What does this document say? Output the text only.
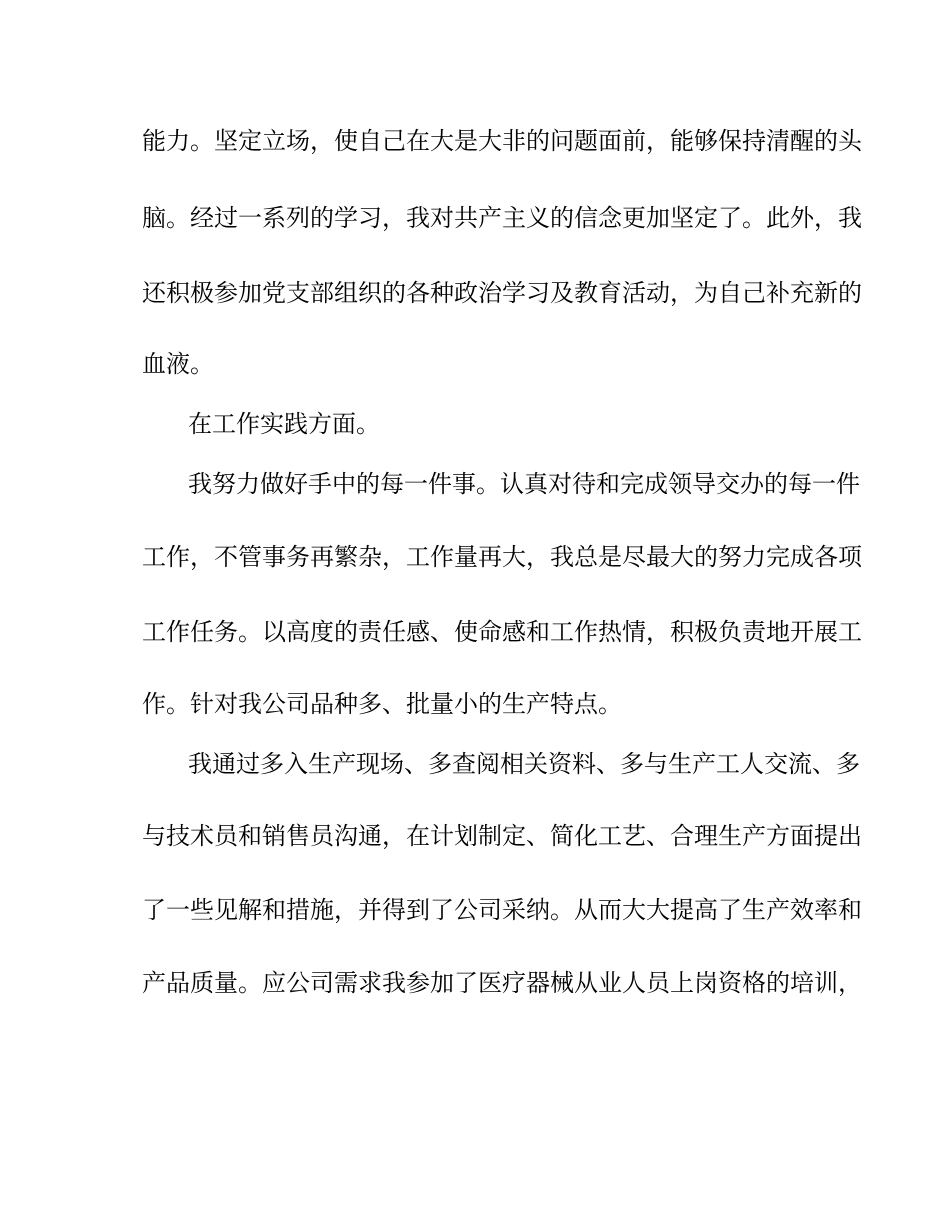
能力。坚定立场，使自己在大是大非的问题面前，能够保持清醒的头

脑。经过一系列的学习，我对共产主义的信念更加坚定了。此外，我

还积极参加党支部组织的各种政治学习及教育活动，为自己补充新的

血液。

在工作实践方面。

我努力做好手中的每一件事。认真对待和完成领导交办的每一件

工作，不管事务再繁杂，工作量再大，我总是尽最大的努力完成各项

工作任务。以高度的责任感、使命感和工作热情，积极负责地开展工

作。针对我公司品种多、批量小的生产特点。

我通过多入生产现场、多查阅相关资料、多与生产工人交流、多

与技术员和销售员沟通，在计划制定、简化工艺、合理生产方面提出

了一些见解和措施，并得到了公司采纳。从而大大提高了生产效率和

产品质量。应公司需求我参加了医疗器械从业人员上岗资格的培训，
